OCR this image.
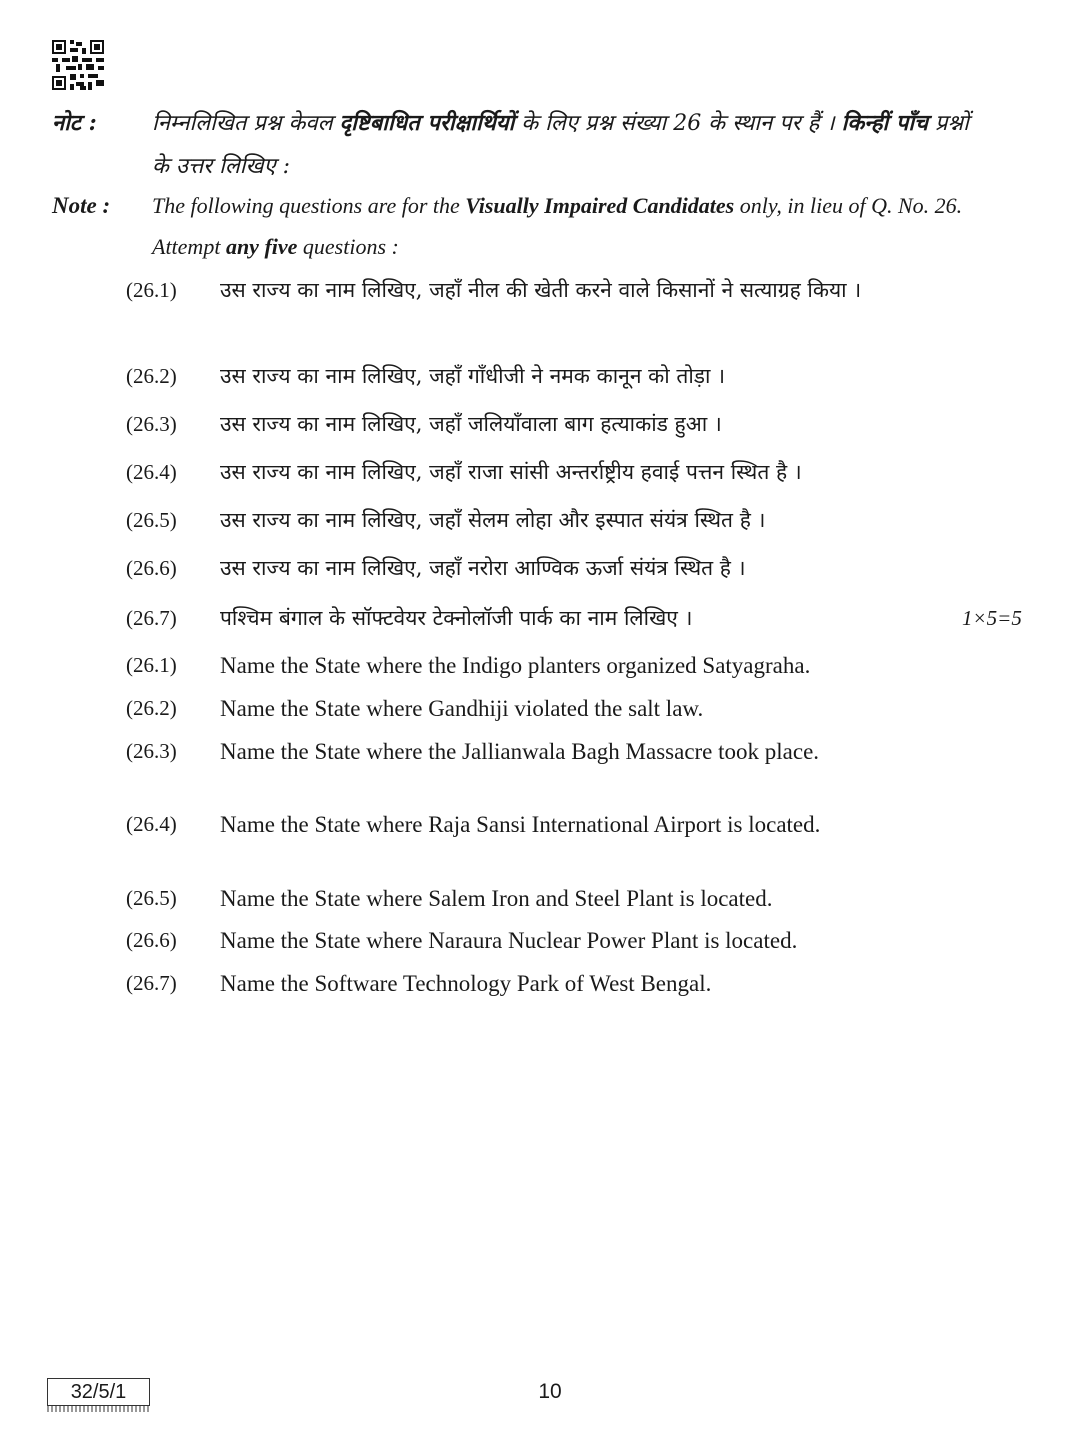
नोट :	निम्नलिखित प्रश्न केवल दृष्टिबाधित परीक्षार्थियों के लिए प्रश्न संख्या 26 के स्थान पर हैं । किन्हीं पाँच प्रश्नों के उत्तर लिखिए :
Note :	The following questions are for the Visually Impaired Candidates only, in lieu of Q. No. 26. Attempt any five questions :
(26.1)	उस राज्य का नाम लिखिए, जहाँ नील की खेती करने वाले किसानों ने सत्याग्रह किया ।
(26.2)	उस राज्य का नाम लिखिए, जहाँ गाँधीजी ने नमक कानून को तोड़ा ।
(26.3)	उस राज्य का नाम लिखिए, जहाँ जलियाँवाला बाग हत्याकांड हुआ ।
(26.4)	उस राज्य का नाम लिखिए, जहाँ राजा सांसी अन्तर्राष्ट्रीय हवाई पत्तन स्थित है ।
(26.5)	उस राज्य का नाम लिखिए, जहाँ सेलम लोहा और इस्पात संयंत्र स्थित है ।
(26.6)	उस राज्य का नाम लिखिए, जहाँ नरोरा आण्विक ऊर्जा संयंत्र स्थित है ।
(26.7)	पश्चिम बंगाल के सॉफ्टवेयर टेक्नोलॉजी पार्क का नाम लिखिए ।	1×5=5
(26.1)	Name the State where the Indigo planters organized Satyagraha.
(26.2)	Name the State where Gandhiji violated the salt law.
(26.3)	Name the State where the Jallianwala Bagh Massacre took place.
(26.4)	Name the State where Raja Sansi International Airport is located.
(26.5)	Name the State where Salem Iron and Steel Plant is located.
(26.6)	Name the State where Naraura Nuclear Power Plant is located.
(26.7)	Name the Software Technology Park of West Bengal.
32/5/1	10
